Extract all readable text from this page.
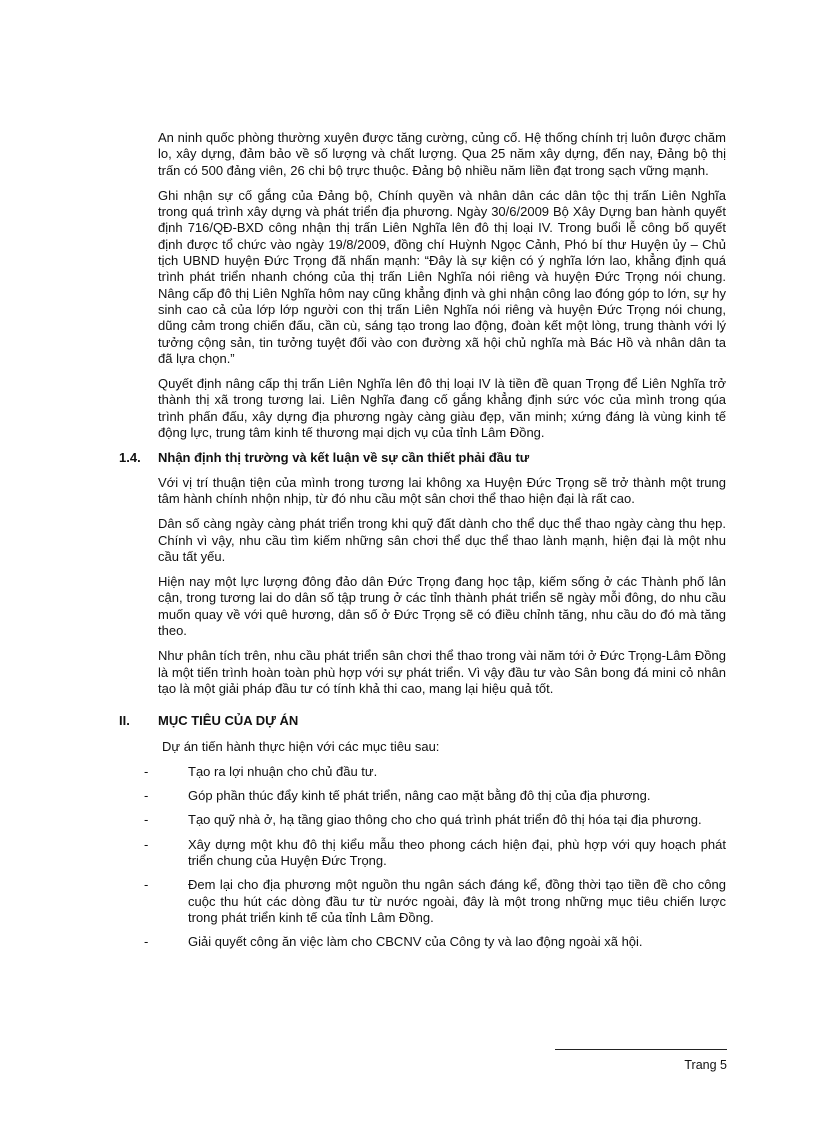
An ninh quốc phòng thường xuyên được tăng cường, củng cố. Hệ thống chính trị luôn được chăm lo, xây dựng, đảm bảo về số lượng và chất lượng. Qua 25 năm xây dựng, đến nay, Đảng bộ thị trấn có 500 đảng viên, 26 chi bộ trực thuộc. Đảng bộ nhiều năm liền đạt trong sạch vững mạnh.

Ghi nhận sự cố gắng của Đảng bộ, Chính quyền và nhân dân các dân tộc thị trấn Liên Nghĩa trong quá trình xây dựng và phát triển địa phương. Ngày 30/6/2009 Bộ Xây Dựng ban hành quyết định 716/QĐ-BXD công nhận thị trấn Liên Nghĩa lên đô thị loại IV. Trong buổi lễ công bố quyết định được tổ chức vào ngày 19/8/2009, đồng chí Huỳnh Ngọc Cảnh, Phó bí thư Huyện ủy – Chủ tịch UBND huyện Đức Trọng đã nhấn mạnh: “Đây là sự kiện có ý nghĩa lớn lao, khẳng định quá trình phát triển nhanh chóng của thị trấn Liên Nghĩa nói riêng và huyện Đức Trọng nói chung. Nâng cấp đô thị Liên Nghĩa hôm nay cũng khẳng định và ghi nhận công lao đóng góp to lớn, sự hy sinh cao cả của lớp lớp người con thị trấn Liên Nghĩa nói riêng và huyện Đức Trọng nói chung, dũng cảm trong chiến đấu, cần cù, sáng tạo trong lao động, đoàn kết một lòng, trung thành với lý tưởng cộng sản, tin tưởng tuyệt đối vào con đường xã hội chủ nghĩa mà Bác Hồ và nhân dân ta đã lựa chọn.”

Quyết định nâng cấp thị trấn Liên Nghĩa lên đô thị loại IV là tiền đề quan Trọng để Liên Nghĩa trở thành thị xã trong tương lai. Liên Nghĩa đang cố gắng khẳng định sức vóc của mình trong qúa trình phấn đấu, xây dựng địa phương ngày càng giàu đẹp, văn minh; xứng đáng là vùng kinh tế động lực, trung tâm kinh tế thương mại dịch vụ của tỉnh Lâm Đồng.

1.4. Nhận định thị trường và kết luận về sự cần thiết phải đầu tư

Với vị trí thuận tiện của mình trong tương lai không xa Huyện Đức Trọng sẽ trở thành một trung tâm hành chính nhộn nhịp, từ đó nhu cầu một sân chơi thể thao hiện đại là rất cao.

Dân số càng ngày càng phát triển trong khi quỹ đất dành cho thể dục thể thao ngày càng thu hẹp. Chính vì vậy, nhu cầu tìm kiếm những sân chơi thể dục thể thao lành mạnh, hiện đại là một nhu cầu tất yếu.

Hiện nay một lực lượng đông đảo dân Đức Trọng đang học tập, kiếm sống ở các Thành phố lân cận, trong tương lai do dân số tập trung ở các tỉnh thành phát triển sẽ ngày mỗi đông, do nhu cầu muốn quay về với quê hương, dân số ở Đức Trọng sẽ có điều chỉnh tăng, nhu cầu do đó mà tăng theo.

Như phân tích trên, nhu cầu phát triển sân chơi thể thao trong vài năm tới ở Đức Trọng-Lâm Đồng là một tiến trình hoàn toàn phù hợp với sự phát triển. Vì vậy đầu tư vào Sân bong đá mini cỏ nhân tạo là một giải pháp đầu tư có tính khả thi cao, mang lại hiệu quả tốt.

II. MỤC TIÊU CỦA DỰ ÁN

Dự án tiến hành thực hiện với các mục tiêu sau:

-	Tạo ra lợi nhuận cho chủ đầu tư.
-	Góp phần thúc đẩy kinh tế phát triển, nâng cao mặt bằng đô thị của địa phương.
-	Tạo quỹ nhà ở, hạ tầng giao thông cho cho quá trình phát triển đô thị hóa tại địa phương.
-	Xây dựng một khu đô thị kiểu mẫu theo phong cách hiện đại, phù hợp với quy hoạch phát triển chung của Huyện Đức Trọng.
-	Đem lại cho địa phương một nguồn thu ngân sách đáng kể, đồng thời tạo tiền đề cho công cuộc thu hút các dòng đầu tư từ nước ngoài, đây là một trong những mục tiêu chiến lược trong phát triển kinh tế của tỉnh Lâm Đồng.
-	Giải quyết công ăn việc làm cho CBCNV của Công ty và lao động ngoài xã hội.
Trang 5
